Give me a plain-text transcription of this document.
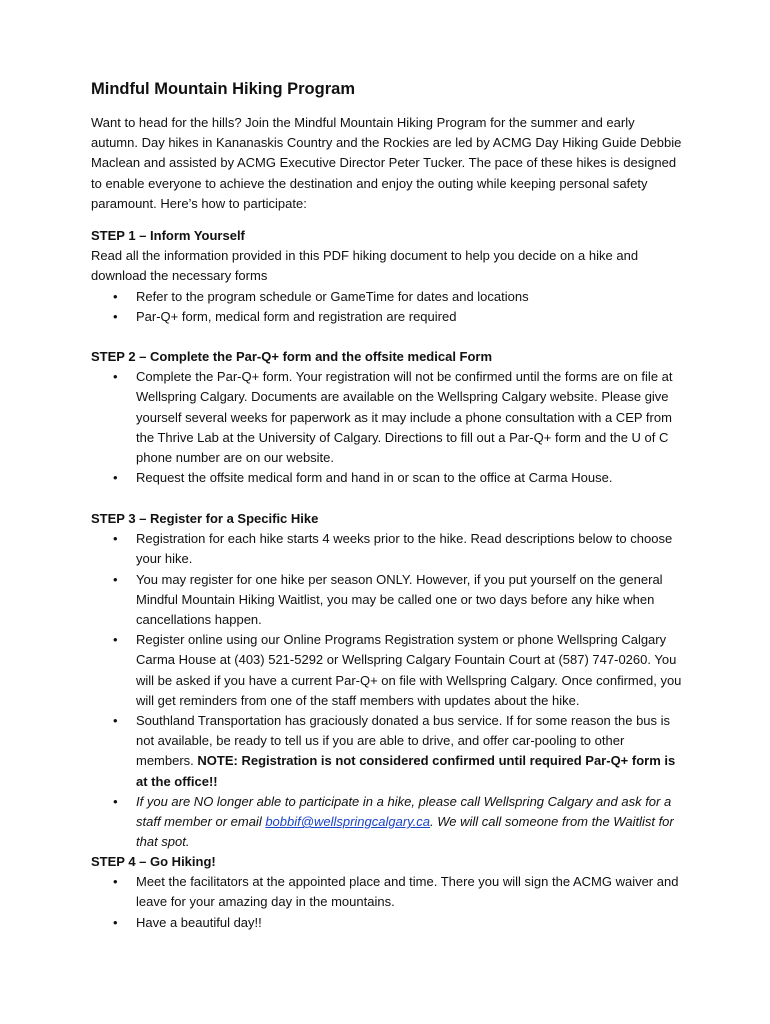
Mindful Mountain Hiking Program

Want to head for the hills? Join the Mindful Mountain Hiking Program for the summer and early autumn. Day hikes in Kananaskis Country and the Rockies are led by ACMG Day Hiking Guide Debbie Maclean and assisted by ACMG Executive Director Peter Tucker. The pace of these hikes is designed to enable everyone to achieve the destination and enjoy the outing while keeping personal safety paramount. Here’s how to participate:

STEP 1 – Inform Yourself

Read all the information provided in this PDF hiking document to help you decide on a hike and download the necessary forms

• Refer to the program schedule or GameTime for dates and locations
• Par-Q+ form, medical form and registration are required
STEP 2 – Complete the Par-Q+ form and the offsite medical Form
• Complete the Par-Q+ form. Your registration will not be confirmed until the forms are on file at Wellspring Calgary. Documents are available on the Wellspring Calgary website. Please give yourself several weeks for paperwork as it may include a phone consultation with a CEP from the Thrive Lab at the University of Calgary. Directions to fill out a Par-Q+ form and the U of C phone number are on our website.
• Request the offsite medical form and hand in or scan to the office at Carma House.
STEP 3 – Register for a Specific Hike
• Registration for each hike starts 4 weeks prior to the hike. Read descriptions below to choose your hike.
• You may register for one hike per season ONLY. However, if you put yourself on the general Mindful Mountain Hiking Waitlist, you may be called one or two days before any hike when cancellations happen.
• Register online using our Online Programs Registration system or phone Wellspring Calgary Carma House at (403) 521-5292 or Wellspring Calgary Fountain Court at (587) 747-0260. You will be asked if you have a current Par-Q+ on file with Wellspring Calgary. Once confirmed, you will get reminders from one of the staff members with updates about the hike.
• Southland Transportation has graciously donated a bus service. If for some reason the bus is not available, be ready to tell us if you are able to drive, and offer car-pooling to other members. NOTE: Registration is not considered confirmed until required Par-Q+ form is at the office!!
• If you are NO longer able to participate in a hike, please call Wellspring Calgary and ask for a staff member or email bobbif@wellspringcalgary.ca. We will call someone from the Waitlist for that spot.
STEP 4 – Go Hiking!
• Meet the facilitators at the appointed place and time. There you will sign the ACMG waiver and leave for your amazing day in the mountains.
• Have a beautiful day!!
